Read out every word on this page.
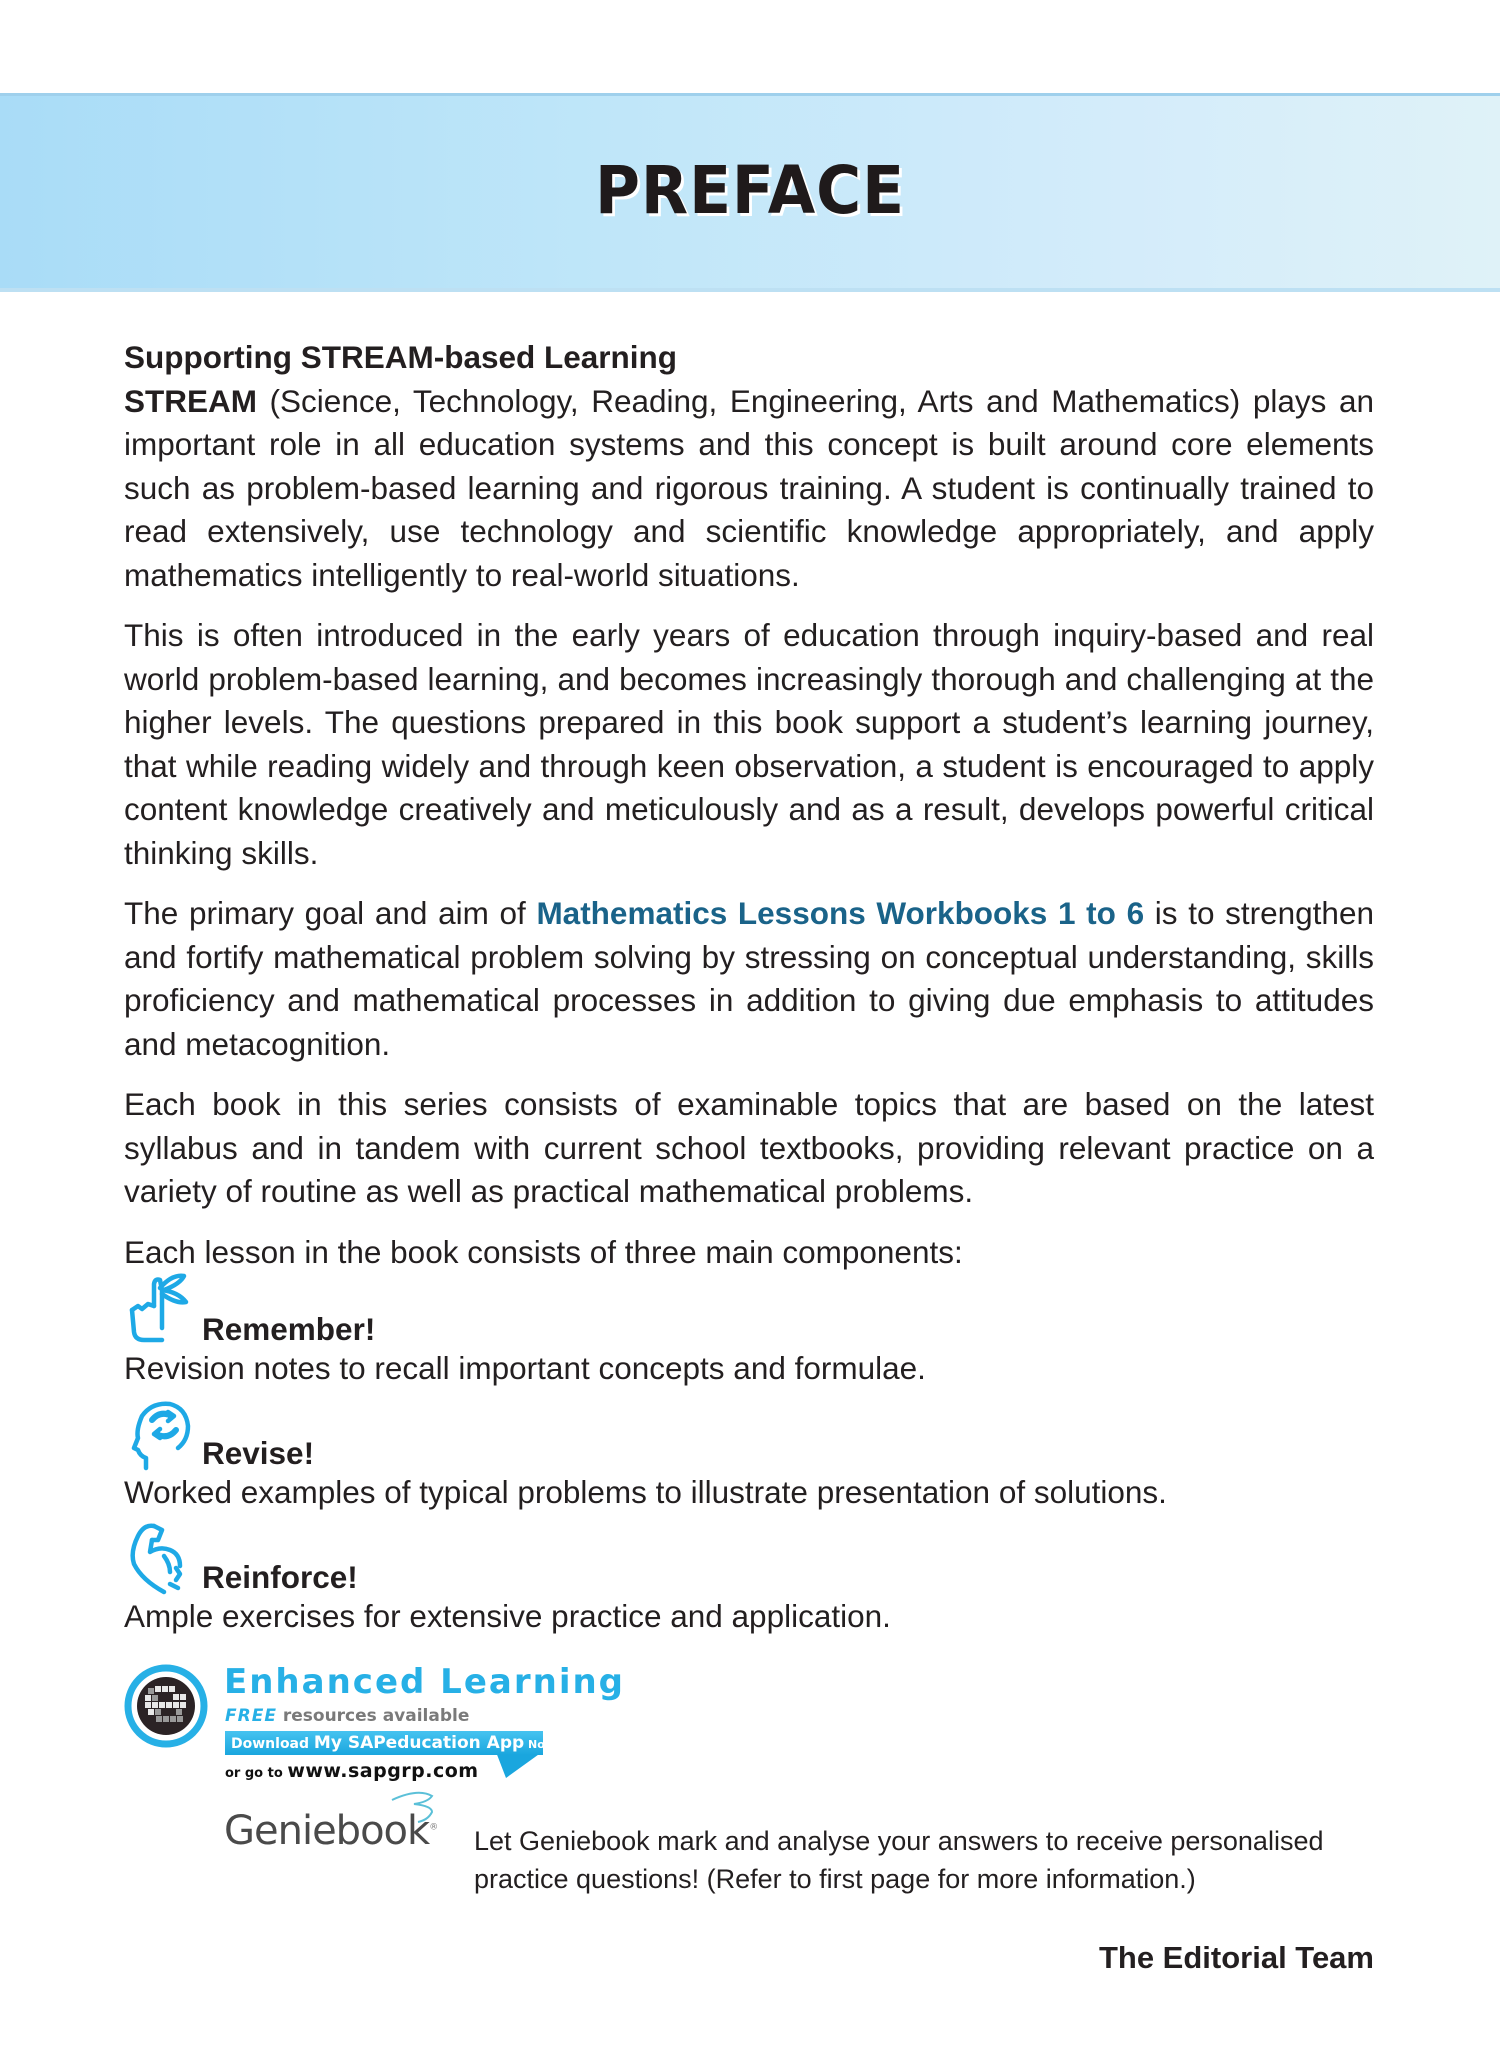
PREFACE
Supporting STREAM-based Learning

STREAM (Science, Technology, Reading, Engineering, Arts and Mathematics) plays an important role in all education systems and this concept is built around core elements such as problem-based learning and rigorous training. A student is continually trained to read extensively, use technology and scientific knowledge appropriately, and apply mathematics intelligently to real-world situations.

This is often introduced in the early years of education through inquiry-based and real world problem-based learning, and becomes increasingly thorough and challenging at the higher levels. The questions prepared in this book support a student’s learning journey, that while reading widely and through keen observation, a student is encouraged to apply content knowledge creatively and meticulously and as a result, develops powerful critical thinking skills.

The primary goal and aim of Mathematics Lessons Workbooks 1 to 6 is to strengthen and fortify mathematical problem solving by stressing on conceptual understanding, skills proficiency and mathematical processes in addition to giving due emphasis to attitudes and metacognition.

Each book in this series consists of examinable topics that are based on the latest syllabus and in tandem with current school textbooks, providing relevant practice on a variety of routine as well as practical mathematical problems.

Each lesson in the book consists of three main components:

Remember!
Revision notes to recall important concepts and formulae.
Revise!
Worked examples of typical problems to illustrate presentation of solutions.
Reinforce!
Ample exercises for extensive practice and application.
Enhanced Learning
FREE resources available
Download My SAPeducation App Now!
or go to www.sapgrp.com
Geniebook® Let Geniebook mark and analyse your answers to receive personalised practice questions! (Refer to first page for more information.)
The Editorial Team
